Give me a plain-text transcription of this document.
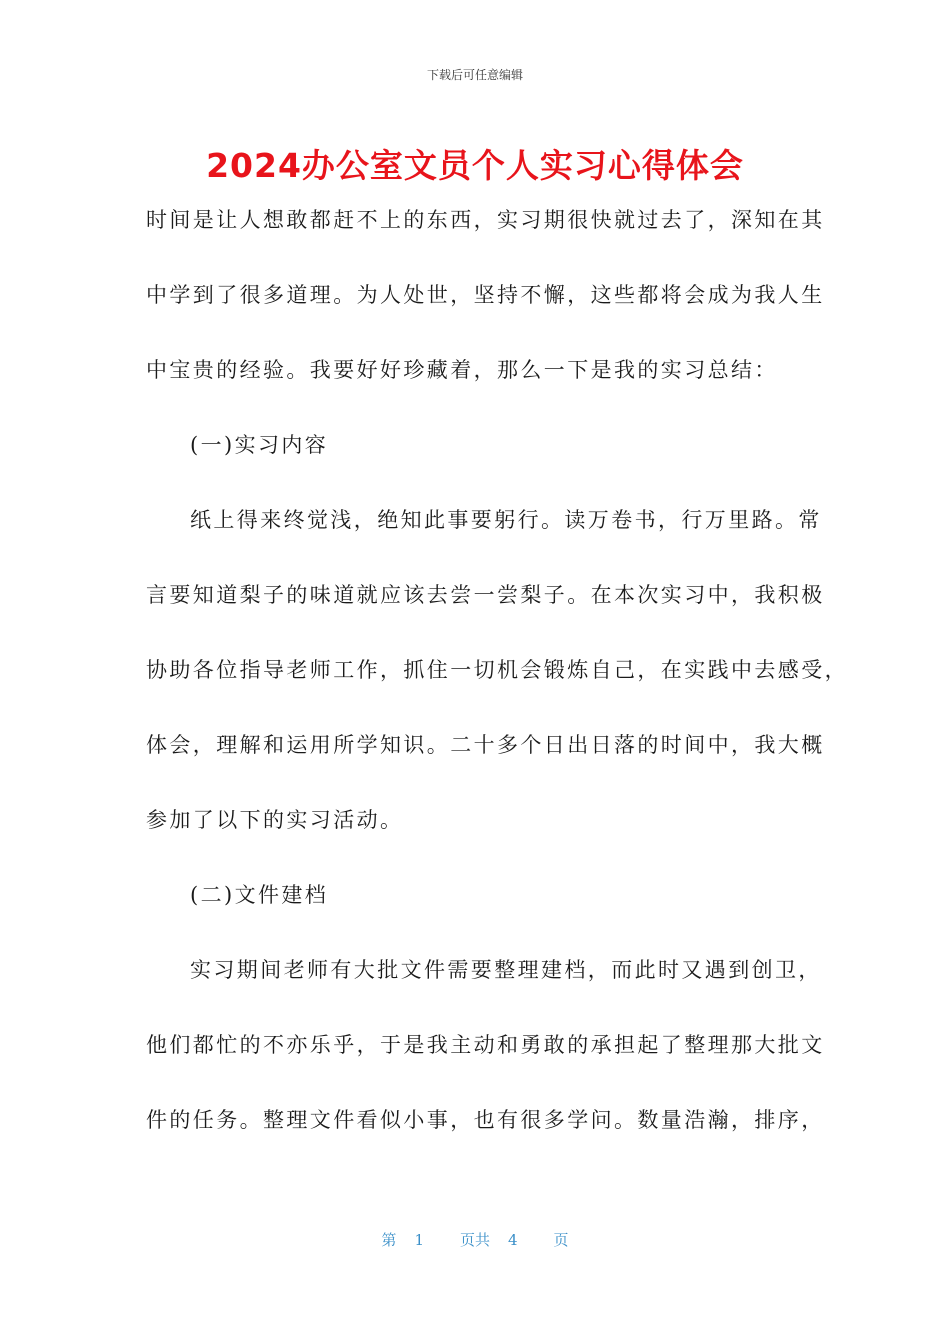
下载后可任意编辑
2024办公室文员个人实习心得体会
时间是让人想敢都赶不上的东西，实习期很快就过去了，深知在其
中学到了很多道理。为人处世，坚持不懈，这些都将会成为我人生
中宝贵的经验。我要好好珍藏着，那么一下是我的实习总结：
(一)实习内容
纸上得来终觉浅，绝知此事要躬行。读万卷书，行万里路。常
言要知道梨子的味道就应该去尝一尝梨子。在本次实习中，我积极
协助各位指导老师工作，抓住一切机会锻炼自己，在实践中去感受，
体会，理解和运用所学知识。二十多个日出日落的时间中，我大概
参加了以下的实习活动。
(二)文件建档
实习期间老师有大批文件需要整理建档，而此时又遇到创卫，
他们都忙的不亦乐乎，于是我主动和勇敢的承担起了整理那大批文
件的任务。整理文件看似小事，也有很多学问。数量浩瀚，排序，
第 1 页共 4 页
